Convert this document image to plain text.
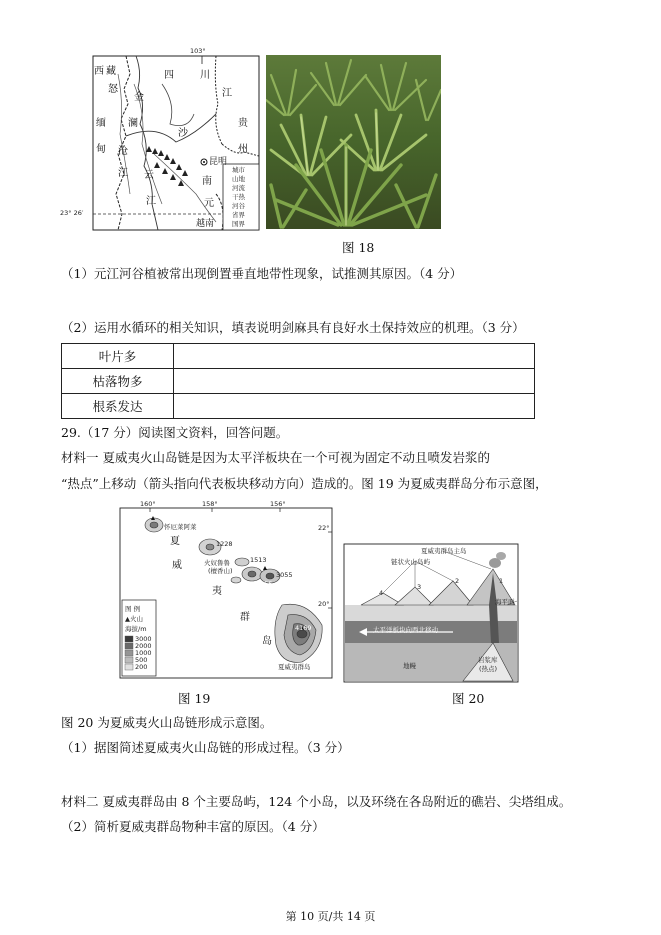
103°
23° 26′
西 藏
怒
缅
甸
四	川
贵
州
江
金
澜
沙
沧
江 云
江
昆明
南
元
越南
城市
山地
河流
干热
河谷
省界
国界
图 18
（1）元江河谷植被常出现倒置垂直地带性现象，试推测其原因。（4 分）
（2）运用水循环的相关知识，填表说明剑麻具有良好水土保持效应的机理。（3 分）
叶片多	
枯落物多	
根系发达	
29.（17 分）阅读图文资料，回答问题。
材料一 夏威夷火山岛链是因为太平洋板块在一个可视为固定不动且喷发岩浆的
“热点”上移动（箭头指向代表板块移动方向）造成的。图 19 为夏威夷群岛分布示意图，
160°	158°	156°
22°
20°
怀厄莱阿莱
1228
火奴鲁鲁
(檀香山)
1513
3055
3055
4169
夏
威
夷
群
岛
夏威夷群岛
图 例
▲火山
海拔/m
3000
2000
1000
500
200
夏威夷群岛主岛
链状火山岛屿
海平面
太平洋板块向西北移动
地幔
岩浆库
(热点)
1
2
3
4
图 19	图 20
图 20 为夏威夷火山岛链形成示意图。
（1）据图简述夏威夷火山岛链的形成过程。（3 分）
材料二 夏威夷群岛由 8 个主要岛屿，124 个小岛，以及环绕在各岛附近的礁岩、尖塔组成。
（2）简析夏威夷群岛物种丰富的原因。（4 分）
第 10 页/共 14 页
